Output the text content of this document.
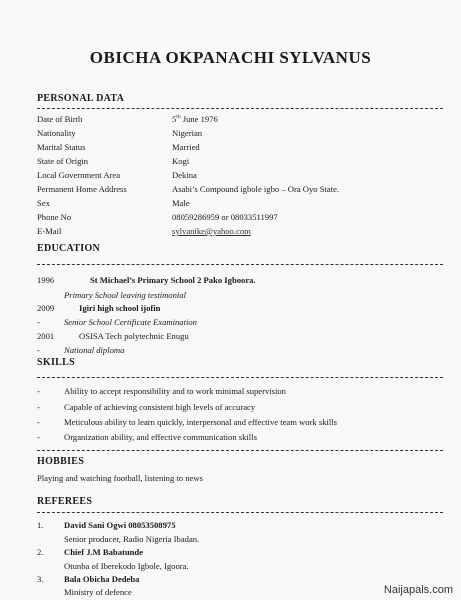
OBICHA OKPANACHI SYLVANUS
PERSONAL DATA
Date of Birth	5th June 1976
Nationality	Nigerian
Marital Status	Married
State of Origin	Kogi
Local Government Area	Dekina
Permanent Home Address	Asabi’s Compound igbole igbo – Ora Oyo State.
Sex	Male
Phone No	08059286959 or 08033511997
E-Mail	sylvanike@yahoo.com
EDUCATION
1996	St Michael’s Primary School 2 Pako Igboora.
Primary School leaving testimonial
2009	Igiri high school ijofin
-	Senior School Certificate Examination
2001	OSISA Tech polytechnic Enugu
-	National diploma
SKILLS
-	Ability to accept responsibility and to work minimal supervision
-	Capable of achieving consistent high levels of accuracy
-	Meticulous ability to learn quickly, interpersonal and effective team work skills
-	Organization ability, and effective communication skills
HOBBIES
Playing and watching football, listening to news
REFEREES
1. David Sani Ogwi 08053508975
Senior producer, Radio Nigeria Ibadan.
2. Chief J.M Babatunde
Otunba of Iberekodo Igbole, Igoora.
3. Bala Obicha Dedeba
Ministry of defence	Naijapals.com
